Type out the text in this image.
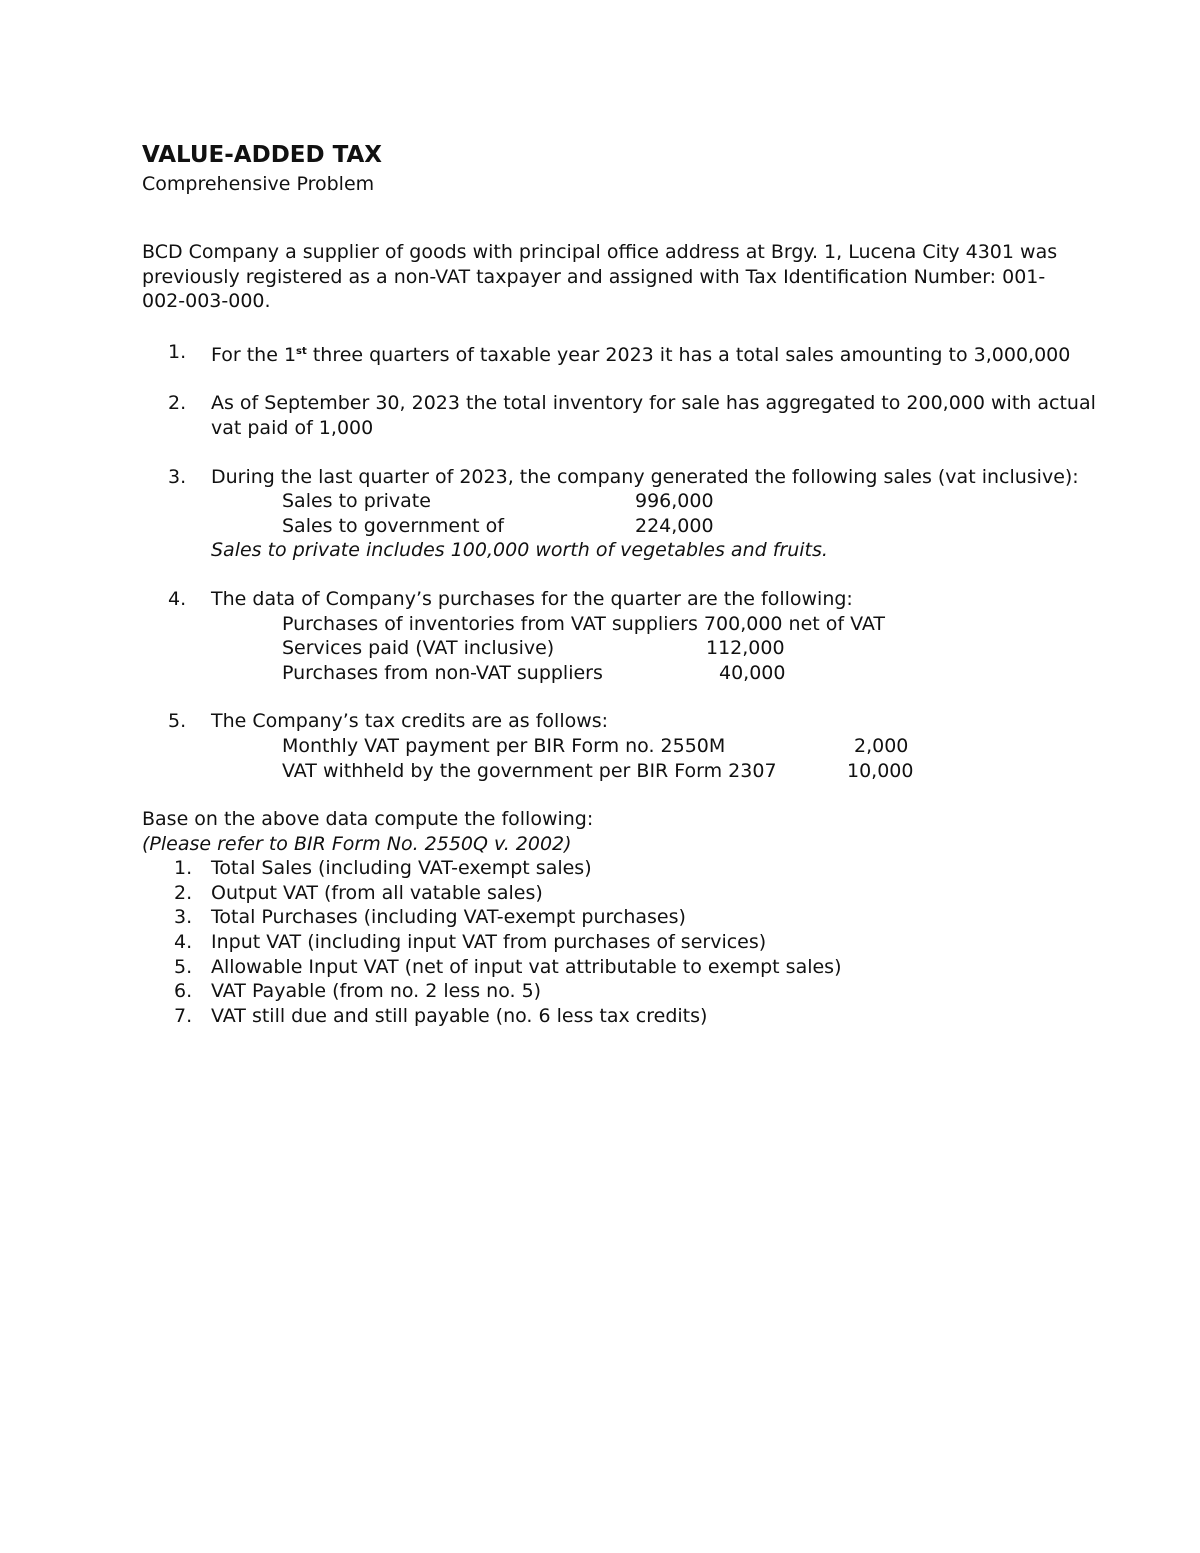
VALUE-ADDED TAX

Comprehensive Problem

BCD Company a supplier of goods with principal office address at Brgy. 1, Lucena City 4301 was previously registered as a non-VAT taxpayer and assigned with Tax Identification Number: 001-002-003-000.

1. For the 1st three quarters of taxable year 2023 it has a total sales amounting to 3,000,000
2. As of September 30, 2023 the total inventory for sale has aggregated to 200,000 with actual vat paid of 1,000
3. During the last quarter of 2023, the company generated the following sales (vat inclusive):
Sales to private	996,000
Sales to government of	224,000
Sales to private includes 100,000 worth of vegetables and fruits.
4. The data of Company’s purchases for the quarter are the following:
Purchases of inventories from VAT suppliers 700,000 net of VAT
Services paid (VAT inclusive)	112,000
Purchases from non-VAT suppliers	40,000
5. The Company’s tax credits are as follows:
Monthly VAT payment per BIR Form no. 2550M	2,000
VAT withheld by the government per BIR Form 2307	10,000
Base on the above data compute the following:
(Please refer to BIR Form No. 2550Q v. 2002)
1. Total Sales (including VAT-exempt sales)
2. Output VAT (from all vatable sales)
3. Total Purchases (including VAT-exempt purchases)
4. Input VAT (including input VAT from purchases of services)
5. Allowable Input VAT (net of input vat attributable to exempt sales)
6. VAT Payable (from no. 2 less no. 5)
7. VAT still due and still payable (no. 6 less tax credits)
